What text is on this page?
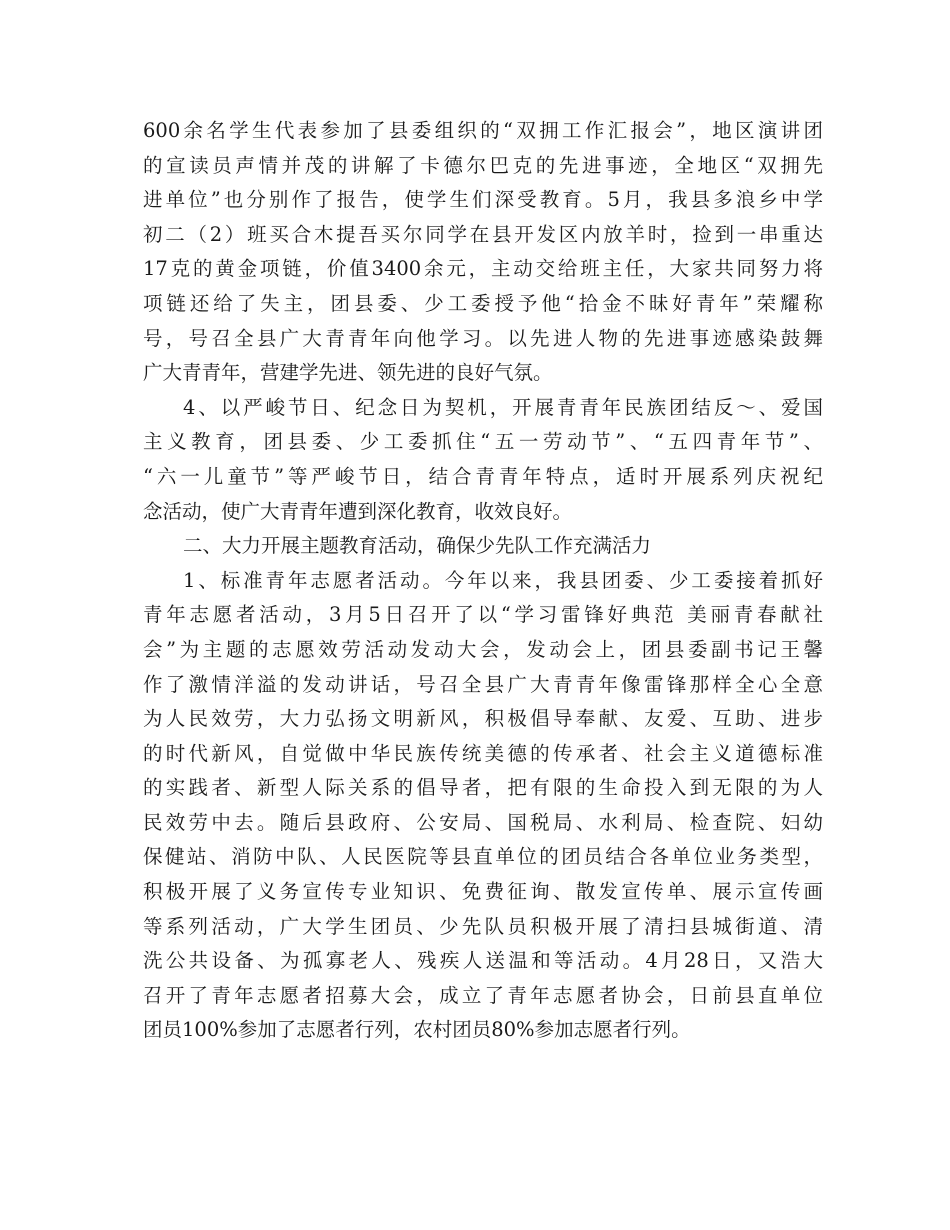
600余名学生代表参加了县委组织的“双拥工作汇报会”，地区演讲团
的宣读员声情并茂的讲解了卡德尔巴克的先进事迹，全地区“双拥先
进单位”也分别作了报告，使学生们深受教育。5月，我县多浪乡中学
初二（2）班买合木提吾买尔同学在县开发区内放羊时，捡到一串重达
17克的黄金项链，价值3400余元，主动交给班主任，大家共同努力将
项链还给了失主，团县委、少工委授予他“拾金不昧好青年”荣耀称
号，号召全县广大青青年向他学习。以先进人物的先进事迹感染鼓舞
广大青青年，营建学先进、领先进的良好气氛。
4、以严峻节日、纪念日为契机，开展青青年民族团结反～、爱国
主义教育，团县委、少工委抓住“五一劳动节”、“五四青年节”、
“六一儿童节”等严峻节日，结合青青年特点，适时开展系列庆祝纪
念活动，使广大青青年遭到深化教育，收效良好。
二、大力开展主题教育活动，确保少先队工作充满活力
1、标准青年志愿者活动。今年以来，我县团委、少工委接着抓好
青年志愿者活动，3月5日召开了以“学习雷锋好典范 美丽青春献社
会”为主题的志愿效劳活动发动大会，发动会上，团县委副书记王馨
作了激情洋溢的发动讲话，号召全县广大青青年像雷锋那样全心全意
为人民效劳，大力弘扬文明新风，积极倡导奉献、友爱、互助、进步
的时代新风，自觉做中华民族传统美德的传承者、社会主义道德标准
的实践者、新型人际关系的倡导者，把有限的生命投入到无限的为人
民效劳中去。随后县政府、公安局、国税局、水利局、检查院、妇幼
保健站、消防中队、人民医院等县直单位的团员结合各单位业务类型，
积极开展了义务宣传专业知识、免费征询、散发宣传单、展示宣传画
等系列活动，广大学生团员、少先队员积极开展了清扫县城街道、清
洗公共设备、为孤寡老人、残疾人送温和等活动。4月28日，又浩大
召开了青年志愿者招募大会，成立了青年志愿者协会，日前县直单位
团员100%参加了志愿者行列，农村团员80%参加志愿者行列。
